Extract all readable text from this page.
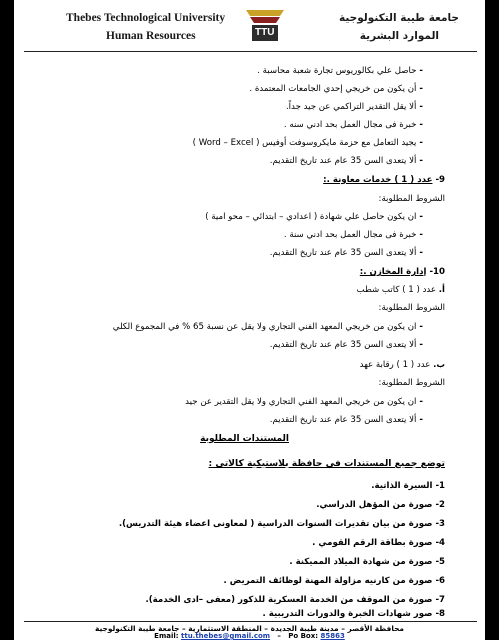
Thebes Technological University
Human Resources	TTU
جامعة طيبة التكنولوجية
الموارد البشرية
- حاصل علي بكالوريوس تجارة شعبة محاسبة .
- أن يكون من خريجي إحدي الجامعات المعتمدة .
- ألا يقل التقدير التراكمي عن جيد جداً.
- خبرة فى مجال العمل بحد ادني سنه .
- يجيد التعامل مع حزمة مايكروسوفت أوفيس ( Word – Excel )
- ألا يتعدى السن 35 عام عند تاريخ التقديم.
9- عدد ( 1 ) خدمات معاونة .:
الشروط المطلوبة:
- ان يكون حاصل علي شهادة ( اعدادي – ابتدائي – محو امية )
- خبرة فى مجال العمل بحد ادني سنة .
- ألا يتعدى السن 35 عام عند تاريخ التقديم.
10- إدارة المخازن .:
أ. عدد ( 1 ) كاتب شطب
الشروط المطلوبة:
- ان يكون من خريجي المعهد الفني التجاري ولا يقل عن نسبة 65 % في المجموع الكلي
- ألا يتعدى السن 35 عام عند تاريخ التقديم.
ب. عدد ( 1 ) رقابة عهد
الشروط المطلوبة:
- ان يكون من خريجي المعهد الفني التجاري ولا يقل التقدير عن جيد
- ألا يتعدى السن 35 عام عند تاريخ التقديم.
المستندات المطلوبة
توضع جميع المستندات في حافظة بلاستيكية كالاتى :
1- السيرة الذاتية.
2- صورة من المؤهل الدراسي.
3- صورة من بيان تقديرات السنوات الدراسية ( لمعاونى اعضاء هيئة التدريس).
4- صورة بطاقة الرقم القومي .
5- صورة من شهادة الميلاد المميكنة .
6- صورة من كارنيه مزاولة المهنة لوظائف التمريض .
7- صورة من الموقف من الخدمة العسكرية للذكور (معفى –ادى الخدمة).
8- صور شهادات الخبرة والدورات التدريبية .
محافظة الأقصر – مدينة طيبة الجديدة – المنطقة الاستثمارية – جامعة طيبة التكنولوجية
Email: ttu.thebes@gmail.com   –   Po Box: 85863
